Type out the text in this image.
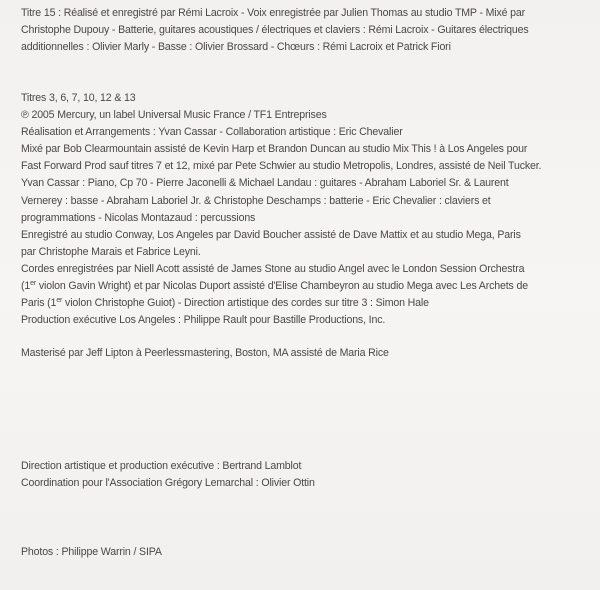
Titre 15 : Réalisé et enregistré par Rémi Lacroix - Voix enregistrée par Julien Thomas au studio TMP - Mixé par
Christophe Dupouy - Batterie, guitares acoustiques / électriques et claviers : Rémi Lacroix - Guitares électriques
additionnelles : Olivier Marly - Basse : Olivier Brossard - Chœurs : Rémi Lacroix et Patrick Fiori
Titres 3, 6, 7, 10, 12 & 13
℗ 2005 Mercury, un label Universal Music France / TF1 Entreprises
Réalisation et Arrangements : Yvan Cassar - Collaboration artistique : Eric Chevalier
Mixé par Bob Clearmountain assisté de Kevin Harp et Brandon Duncan au studio Mix This ! à Los Angeles pour
Fast Forward Prod sauf titres 7 et 12, mixé par Pete Schwier au studio Metropolis, Londres, assisté de Neil Tucker.
Yvan Cassar : Piano, Cp 70 - Pierre Jaconelli & Michael Landau : guitares - Abraham Laboriel Sr. & Laurent
Vernerey : basse - Abraham Laboriel Jr. & Christophe Deschamps : batterie - Eric Chevalier : claviers et
programmations - Nicolas Montazaud : percussions
Enregistré au studio Conway, Los Angeles par David Boucher assisté de Dave Mattix et au studio Mega, Paris
par Christophe Marais et Fabrice Leyni.
Cordes enregistrées par Niell Acott assisté de James Stone au studio Angel avec le London Session Orchestra
(1er violon Gavin Wright) et par Nicolas Duport assisté d'Elise Chambeyron au studio Mega avec Les Archets de
Paris (1er violon Christophe Guiot) - Direction artistique des cordes sur titre 3 : Simon Hale
Production exécutive Los Angeles : Philippe Rault pour Bastille Productions, Inc.
Masterisé par Jeff Lipton à Peerlessmastering, Boston, MA assisté de Maria Rice
Direction artistique et production exécutive : Bertrand Lamblot
Coordination pour l'Association Grégory Lemarchal : Olivier Ottin
Photos : Philippe Warrin / SIPA
